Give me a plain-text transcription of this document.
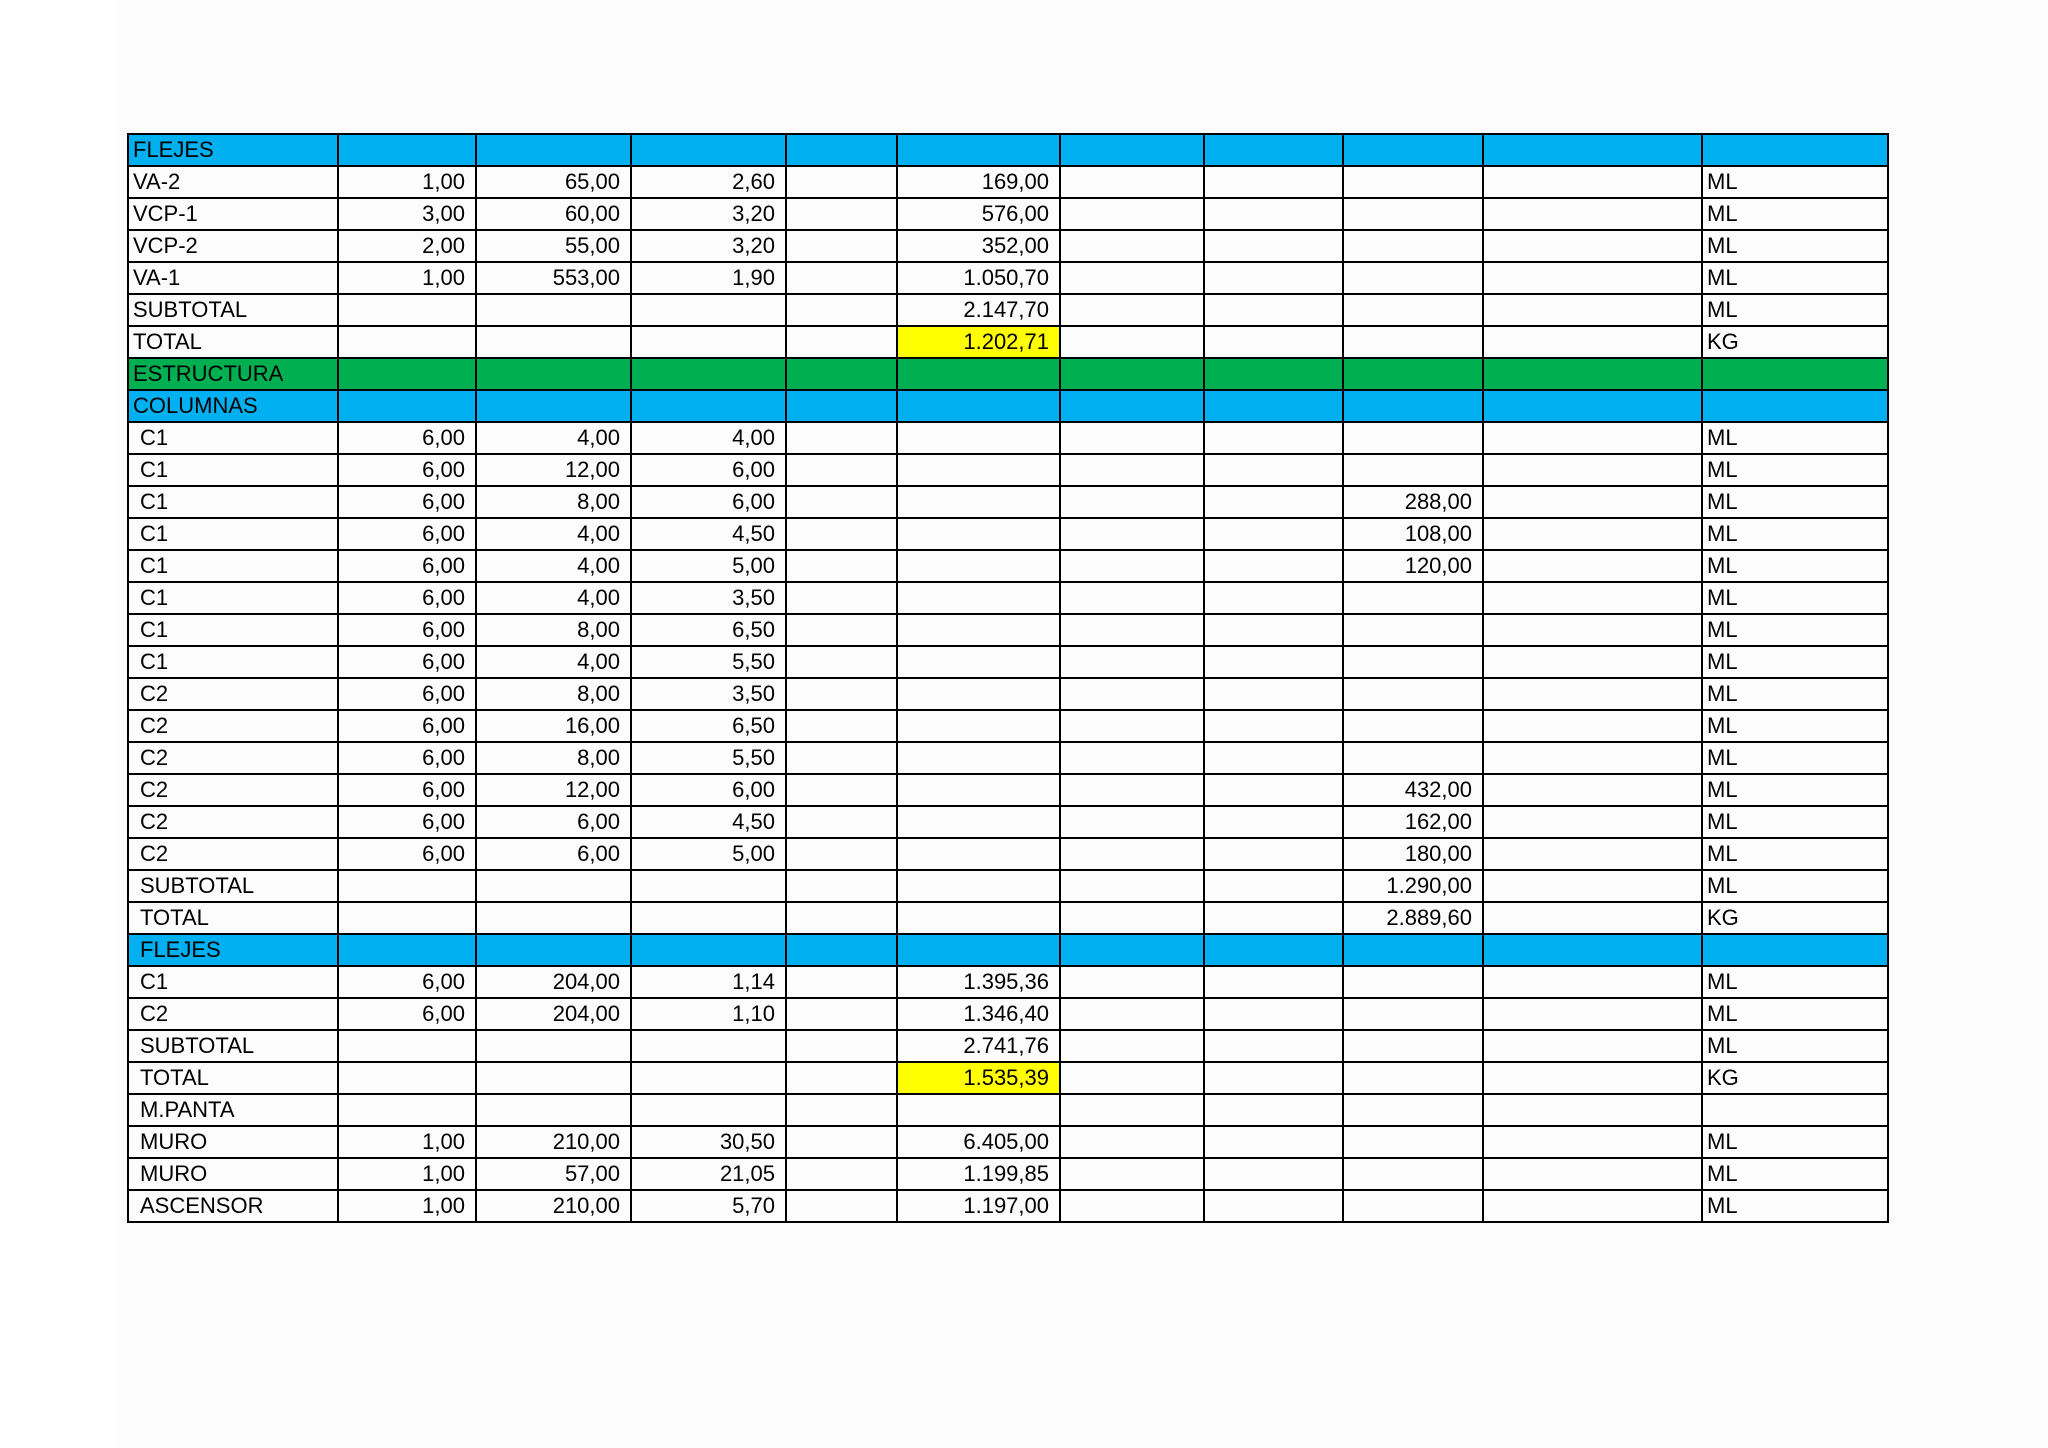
FLEJES										
VA-2	1,00	65,00	2,60		169,00					ML
VCP-1	3,00	60,00	3,20		576,00					ML
VCP-2	2,00	55,00	3,20		352,00					ML
VA-1	1,00	553,00	1,90		1.050,70					ML
SUBTOTAL					2.147,70					ML
TOTAL					1.202,71					KG
ESTRUCTURA										
COLUMNAS										
C1	6,00	4,00	4,00							ML
C1	6,00	12,00	6,00							ML
C1	6,00	8,00	6,00					288,00		ML
C1	6,00	4,00	4,50					108,00		ML
C1	6,00	4,00	5,00					120,00		ML
C1	6,00	4,00	3,50							ML
C1	6,00	8,00	6,50							ML
C1	6,00	4,00	5,50							ML
C2	6,00	8,00	3,50							ML
C2	6,00	16,00	6,50							ML
C2	6,00	8,00	5,50							ML
C2	6,00	12,00	6,00					432,00		ML
C2	6,00	6,00	4,50					162,00		ML
C2	6,00	6,00	5,00					180,00		ML
SUBTOTAL								1.290,00		ML
TOTAL								2.889,60		KG
FLEJES										
C1	6,00	204,00	1,14		1.395,36					ML
C2	6,00	204,00	1,10		1.346,40					ML
SUBTOTAL					2.741,76					ML
TOTAL					1.535,39					KG
M.PANTA										
MURO	1,00	210,00	30,50		6.405,00					ML
MURO	1,00	57,00	21,05		1.199,85					ML
ASCENSOR	1,00	210,00	5,70		1.197,00					ML
